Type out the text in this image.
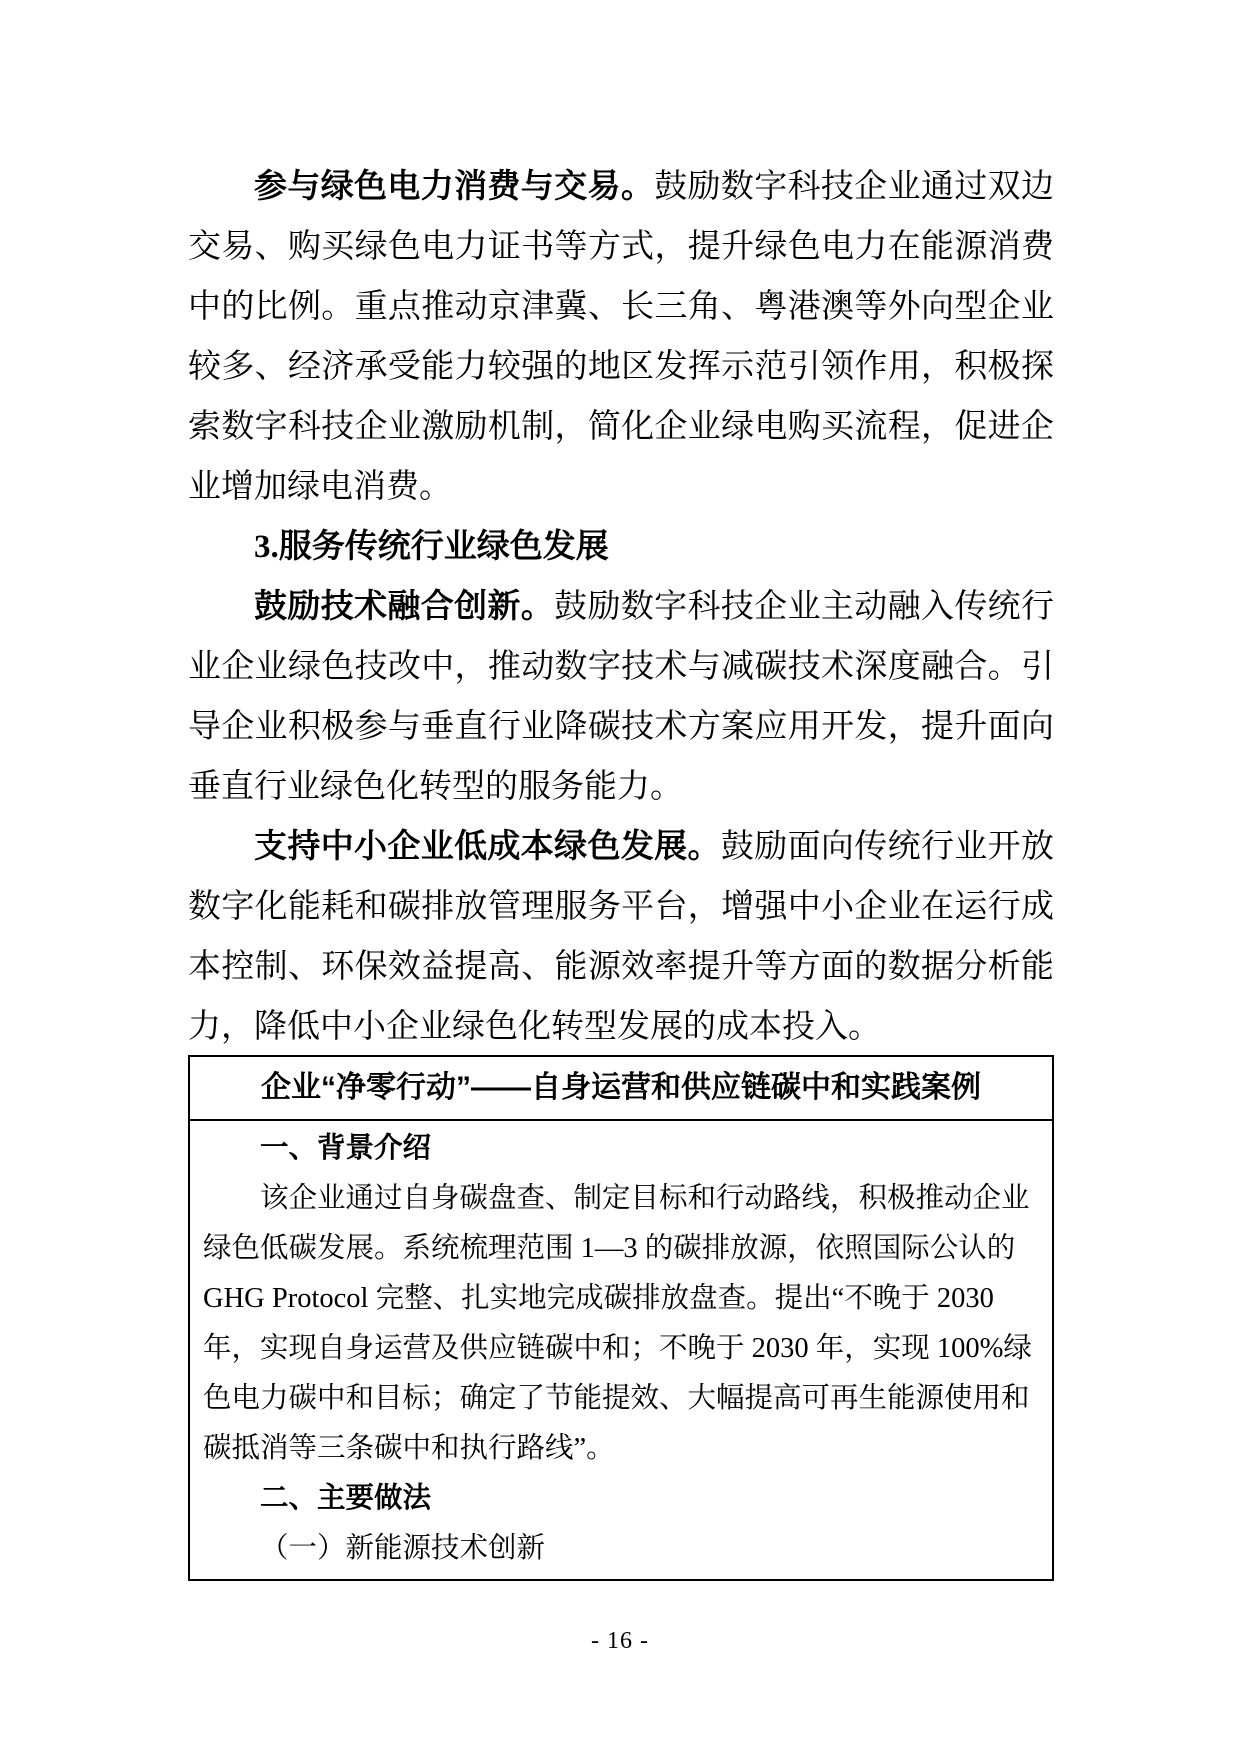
参与绿色电力消费与交易。鼓励数字科技企业通过双边
交易、购买绿色电力证书等方式，提升绿色电力在能源消费
中的比例。重点推动京津冀、长三角、粤港澳等外向型企业
较多、经济承受能力较强的地区发挥示范引领作用，积极探
索数字科技企业激励机制，简化企业绿电购买流程，促进企
业增加绿电消费。
3.服务传统行业绿色发展
鼓励技术融合创新。鼓励数字科技企业主动融入传统行
业企业绿色技改中，推动数字技术与减碳技术深度融合。引
导企业积极参与垂直行业降碳技术方案应用开发，提升面向
垂直行业绿色化转型的服务能力。
支持中小企业低成本绿色发展。鼓励面向传统行业开放
数字化能耗和碳排放管理服务平台，增强中小企业在运行成
本控制、环保效益提高、能源效率提升等方面的数据分析能
力，降低中小企业绿色化转型发展的成本投入。
企业“净零行动”——自身运营和供应链碳中和实践案例
一、背景介绍
该企业通过自身碳盘查、制定目标和行动路线，积极推动企业
绿色低碳发展。系统梳理范围 1—3 的碳排放源，依照国际公认的
GHG Protocol 完整、扎实地完成碳排放盘查。提出“不晚于 2030
年，实现自身运营及供应链碳中和；不晚于 2030 年，实现 100%绿
色电力碳中和目标；确定了节能提效、大幅提高可再生能源使用和
碳抵消等三条碳中和执行路线”。
二、主要做法
（一）新能源技术创新
- 16 -
